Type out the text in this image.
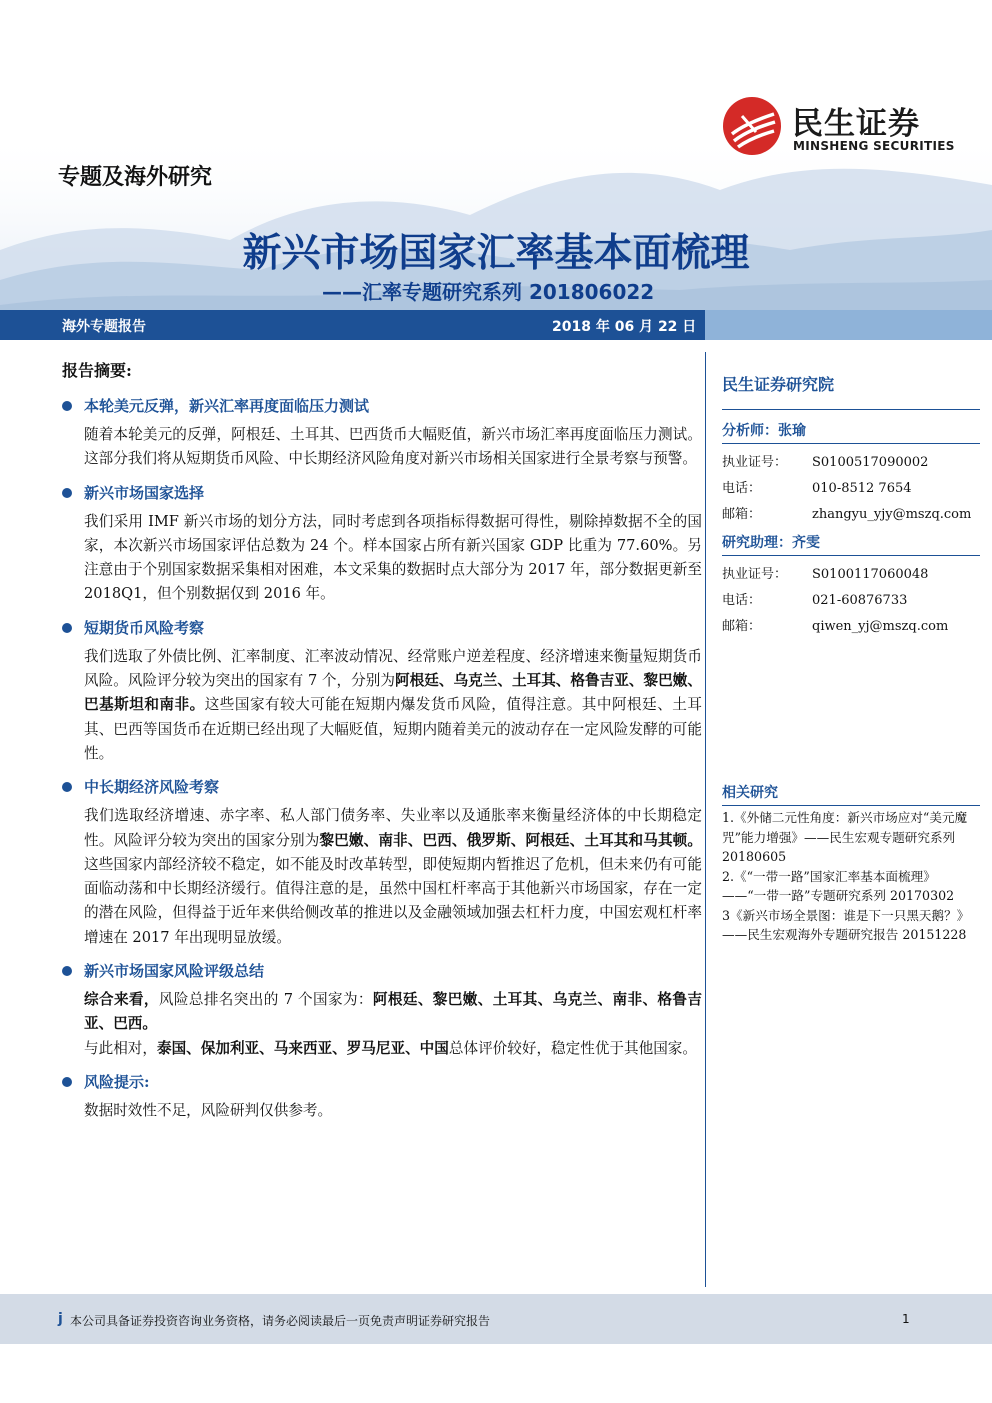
民生证券
MINSHENG SECURITIES
专题及海外研究
新兴市场国家汇率基本面梳理
——汇率专题研究系列 201806022
海外专题报告	2018 年 06 月 22 日
报告摘要:
本轮美元反弹，新兴汇率再度面临压力测试
随着本轮美元的反弹，阿根廷、土耳其、巴西货币大幅贬值，新兴市场汇率再度面临压力测试。这部分我们将从短期货币风险、中长期经济风险角度对新兴市场相关国家进行全景考察与预警。
新兴市场国家选择
我们采用 IMF 新兴市场的划分方法，同时考虑到各项指标得数据可得性，剔除掉数据不全的国家，本次新兴市场国家评估总数为 24 个。样本国家占所有新兴国家 GDP 比重为 77.60%。另注意由于个别国家数据采集相对困难，本文采集的数据时点大部分为 2017 年，部分数据更新至 2018Q1，但个别数据仅到 2016 年。
短期货币风险考察
我们选取了外债比例、汇率制度、汇率波动情况、经常账户逆差程度、经济增速来衡量短期货币风险。风险评分较为突出的国家有 7 个，分别为阿根廷、乌克兰、土耳其、格鲁吉亚、黎巴嫩、巴基斯坦和南非。这些国家有较大可能在短期内爆发货币风险，值得注意。其中阿根廷、土耳其、巴西等国货币在近期已经出现了大幅贬值，短期内随着美元的波动存在一定风险发酵的可能性。
中长期经济风险考察
我们选取经济增速、赤字率、私人部门债务率、失业率以及通胀率来衡量经济体的中长期稳定性。风险评分较为突出的国家分别为黎巴嫩、南非、巴西、俄罗斯、阿根廷、土耳其和马其顿。这些国家内部经济较不稳定，如不能及时改革转型，即使短期内暂推迟了危机，但未来仍有可能面临动荡和中长期经济缓行。值得注意的是，虽然中国杠杆率高于其他新兴市场国家，存在一定的潜在风险，但得益于近年来供给侧改革的推进以及金融领域加强去杠杆力度，中国宏观杠杆率增速在 2017 年出现明显放缓。
新兴市场国家风险评级总结
综合来看，风险总排名突出的 7 个国家为：阿根廷、黎巴嫩、土耳其、乌克兰、南非、格鲁吉亚、巴西。
与此相对，泰国、保加利亚、马来西亚、罗马尼亚、中国总体评价较好，稳定性优于其他国家。
风险提示:
数据时效性不足，风险研判仅供参考。
民生证券研究院
分析师：张瑜
执业证号：	S0100517090002
电话：	010-8512 7654
邮箱：	zhangyu_yjy@mszq.com
研究助理：齐雯
执业证号：	S0100117060048
电话：	021-60876733
邮箱：	qiwen_yj@mszq.com
相关研究
1.《外储二元性角度：新兴市场应对“美元魔咒”能力增强》——民生宏观专题研究系列 20180605
2.《“一带一路”国家汇率基本面梳理》——“一带一路”专题研究系列 20170302
3《新兴市场全景图：谁是下一只黑天鹅？》——民生宏观海外专题研究报告 20151228
j 本公司具备证券投资咨询业务资格，请务必阅读最后一页免责声明证券研究报告	1
